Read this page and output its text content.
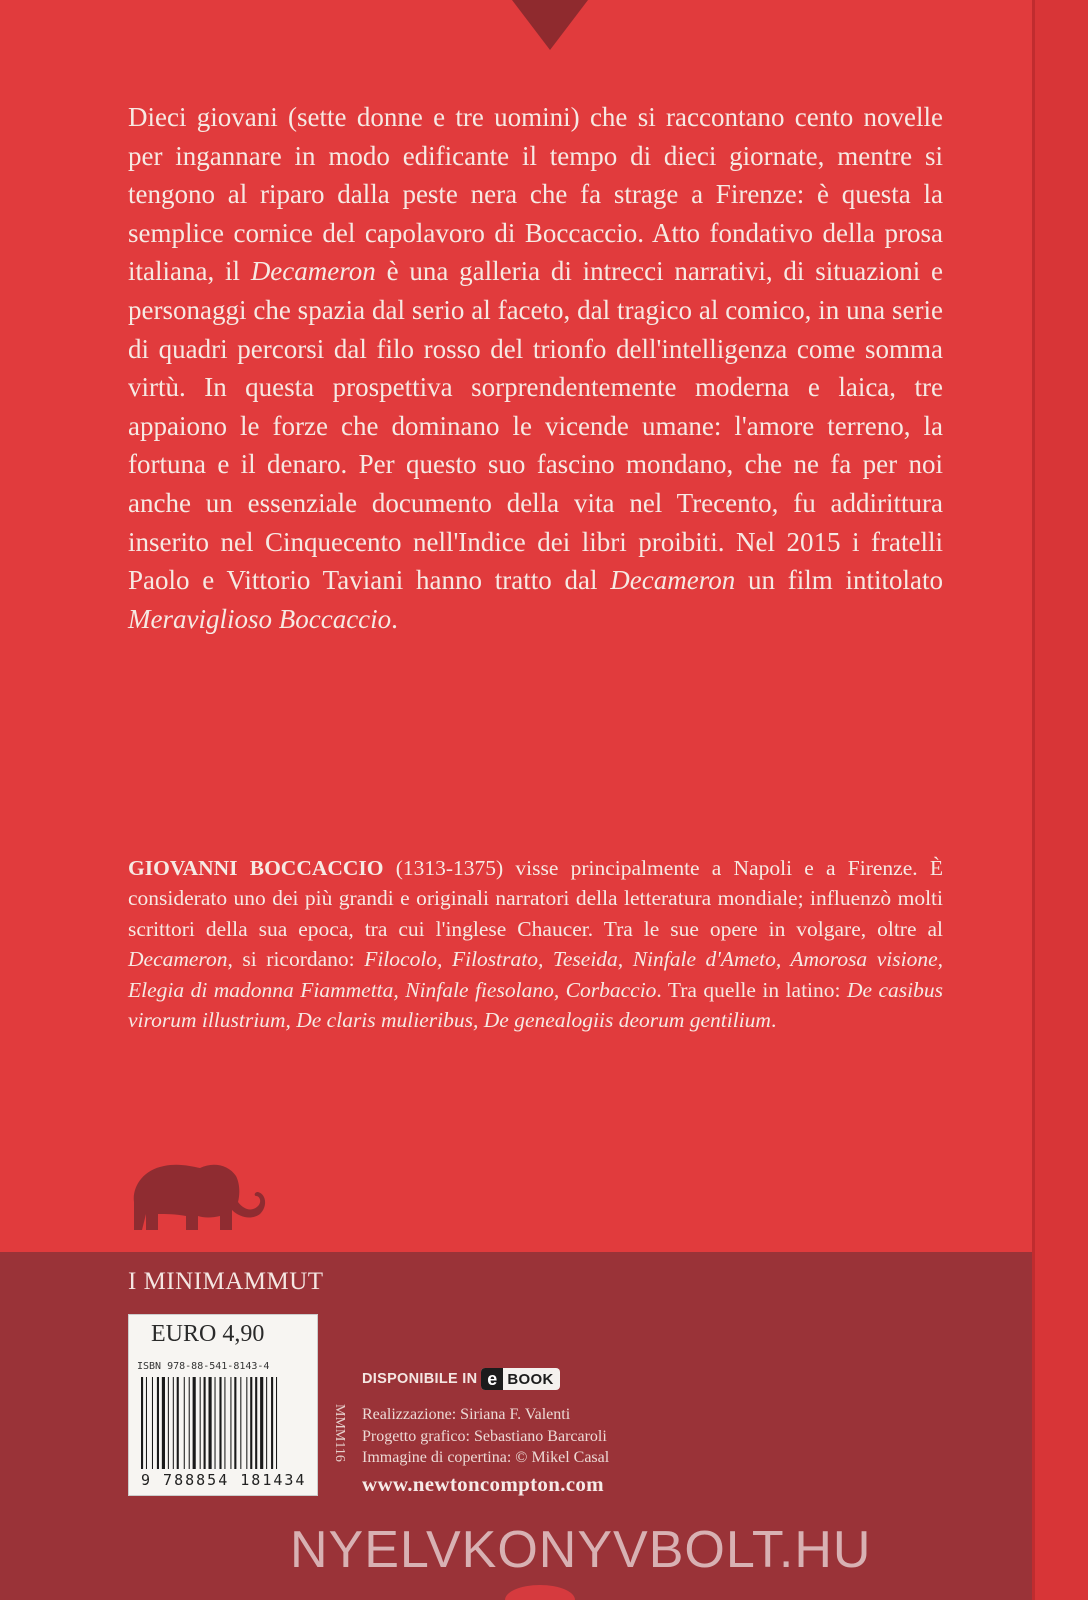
Dieci giovani (sette donne e tre uomini) che si raccontano cento novelle per ingannare in modo edificante il tempo di dieci giornate, mentre si tengono al riparo dalla peste nera che fa strage a Firenze: è questa la semplice cornice del capolavoro di Boccaccio. Atto fondativo della prosa italiana, il Decameron è una galleria di intrecci narrativi, di situazioni e personaggi che spazia dal serio al faceto, dal tragico al comico, in una serie di quadri percorsi dal filo rosso del trionfo dell'intelligenza come somma virtù. In questa prospettiva sorprendentemente moderna e laica, tre appaiono le forze che dominano le vicende umane: l'amore terreno, la fortuna e il denaro. Per questo suo fascino mondano, che ne fa per noi anche un essenziale documento della vita nel Trecento, fu addirittura inserito nel Cinquecento nell'Indice dei libri proibiti. Nel 2015 i fratelli Paolo e Vittorio Taviani hanno tratto dal Decameron un film intitolato Meraviglioso Boccaccio.

GIOVANNI BOCCACCIO (1313-1375) visse principalmente a Napoli e a Firenze. È considerato uno dei più grandi e originali narratori della letteratura mondiale; influenzò molti scrittori della sua epoca, tra cui l'inglese Chaucer. Tra le sue opere in volgare, oltre al Decameron, si ricordano: Filocolo, Filostrato, Teseida, Ninfale d'Ameto, Amorosa visione, Elegia di madonna Fiammetta, Ninfale fiesolano, Corbaccio. Tra quelle in latino: De casibus virorum illustrium, De claris mulieribus, De genealogiis deorum gentilium.

I MINIMAMMUT
EURO 4,90
ISBN 978-88-541-8143-4
9 788854 181434
MMM116
DISPONIBILE IN e BOOK
Realizzazione: Siriana F. Valenti
Progetto grafico: Sebastiano Barcaroli
Immagine di copertina: © Mikel Casal
www.newtoncompton.com
NYELVKONYVBOLT.HU
